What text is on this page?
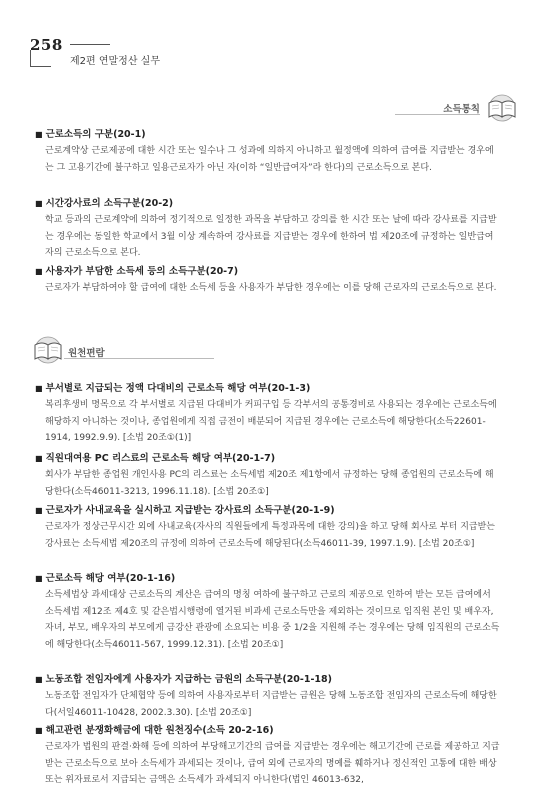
258
제2편 연말정산 실무
소득통칙
원천편람
■ 근로소득의 구분(20-1)

근로계약상 근로제공에 대한 시간 또는 일수나 그 성과에 의하지 아니하고 월정액에 의하여 급여를 지급받는 경우에는 그 고용기간에 불구하고 일용근로자가 아닌 자(이하 “일반급여자”라 한다)의 근로소득으로 본다.

■ 시간강사료의 소득구분(20-2)

학교 등과의 근로계약에 의하여 정기적으로 일정한 과목을 부담하고 강의를 한 시간 또는 날에 따라 강사료를 지급받는 경우에는 동일한 학교에서 3월 이상 계속하여 강사료를 지급받는 경우에 한하여 법 제20조에 규정하는 일반급여자의 근로소득으로 본다.

■ 사용자가 부담한 소득세 등의 소득구분(20-7)

근로자가 부담하여야 할 급여에 대한 소득세 등을 사용자가 부담한 경우에는 이를 당해 근로자의 근로소득으로 본다.

■ 부서별로 지급되는 정액 다대비의 근로소득 해당 여부(20-1-3)

복리후생비 명목으로 각 부서별로 지급된 다대비가 커피구입 등 각부서의 공통경비로 사용되는 경우에는 근로소득에 해당하지 아니하는 것이나, 종업원에게 직접 금전이 배분되어 지급된 경우에는 근로소득에 해당한다(소득22601-1914, 1992.9.9). [소법 20조①(1)]

■ 직원대여용 PC 리스료의 근로소득 해당 여부(20-1-7)

회사가 부담한 종업원 개인사용 PC의 리스료는 소득세법 제20조 제1항에서 규정하는 당해 종업원의 근로소득에 해당한다(소득46011-3213, 1996.11.18). [소법 20조①]

■ 근로자가 사내교육을 실시하고 지급받는 강사료의 소득구분(20-1-9)

근로자가 정상근무시간 외에 사내교육(자사의 직원들에게 특정과목에 대한 강의)을 하고 당해 회사로 부터 지급받는 강사료는 소득세법 제20조의 규정에 의하여 근로소득에 해당된다(소득46011-39, 1997.1.9). [소법 20조①]

■ 근로소득 해당 여부(20-1-16)

소득세법상 과세대상 근로소득의 계산은 급여의 명칭 여하에 불구하고 근로의 제공으로 인하여 받는 모든 급여에서 소득세법 제12조 제4호 및 같은법시행령에 열거된 비과세 근로소득만을 제외하는 것이므로 임직원 본인 및 배우자, 자녀, 부모, 배우자의 부모에게 금강산 관광에 소요되는 비용 중 1/2을 지원해 주는 경우에는 당해 임직원의 근로소득에 해당한다(소득46011-567, 1999.12.31). [소법 20조①]

■ 노동조합 전임자에게 사용자가 지급하는 금원의 소득구분(20-1-18)

노동조합 전임자가 단체협약 등에 의하여 사용자로부터 지급받는 금원은 당해 노동조합 전임자의 근로소득에 해당한다(서일46011-10428, 2002.3.30). [소법 20조①]

■ 해고관련 분쟁화해금에 대한 원천징수(소득 20-2-16)

근로자가 법원의 판결·화해 등에 의하여 부당해고기간의 급여를 지급받는 경우에는 해고기간에 근로를 제공하고 지급받는 근로소득으로 보아 소득세가 과세되는 것이나, 급여 외에 근로자의 명예를 훼하거나 정신적인 고통에 대한 배상 또는 위자료로서 지급되는 금액은 소득세가 과세되지 아니한다(법인 46013-632,
